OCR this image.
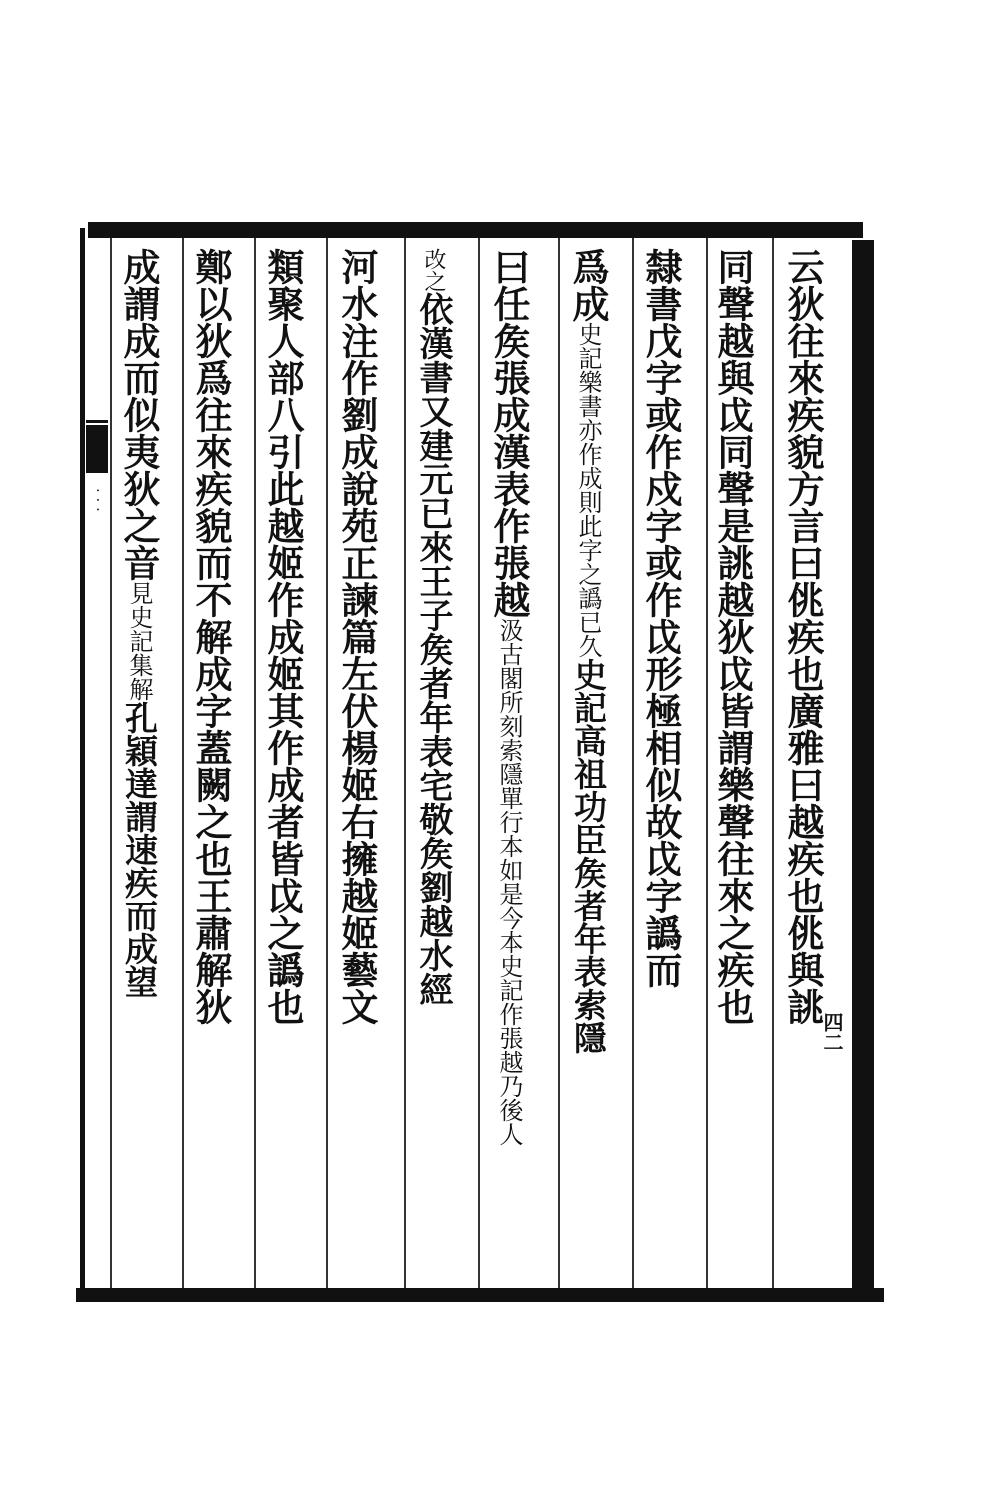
云狄往來疾貌方言曰佻疾也廣雅曰越疾也佻與誂
同聲越與戉同聲是誂越狄戉皆謂樂聲往來之疾也
隸書戊字或作戍字或作戉形極相似故戉字譌而
爲成史記樂書亦作成則此字之譌已久史記高祖功臣矦者年表索隱
曰任矦張成漢表作張越汲古閣所刻索隱單行本如是今本史記作張越乃後人
改之依漢書又建元已來王子矦者年表宅敬矦劉越水經
河水注作劉成說苑正諫篇左伏楊姬右擁越姬藝文
類聚人部八引此越姬作成姬其作成者皆戉之譌也
鄭以狄爲往來疾貌而不解成字蓋闕之也王肅解狄
成謂成而似夷狄之音見史記集解孔穎達謂速疾而成望
· · ·
四二
